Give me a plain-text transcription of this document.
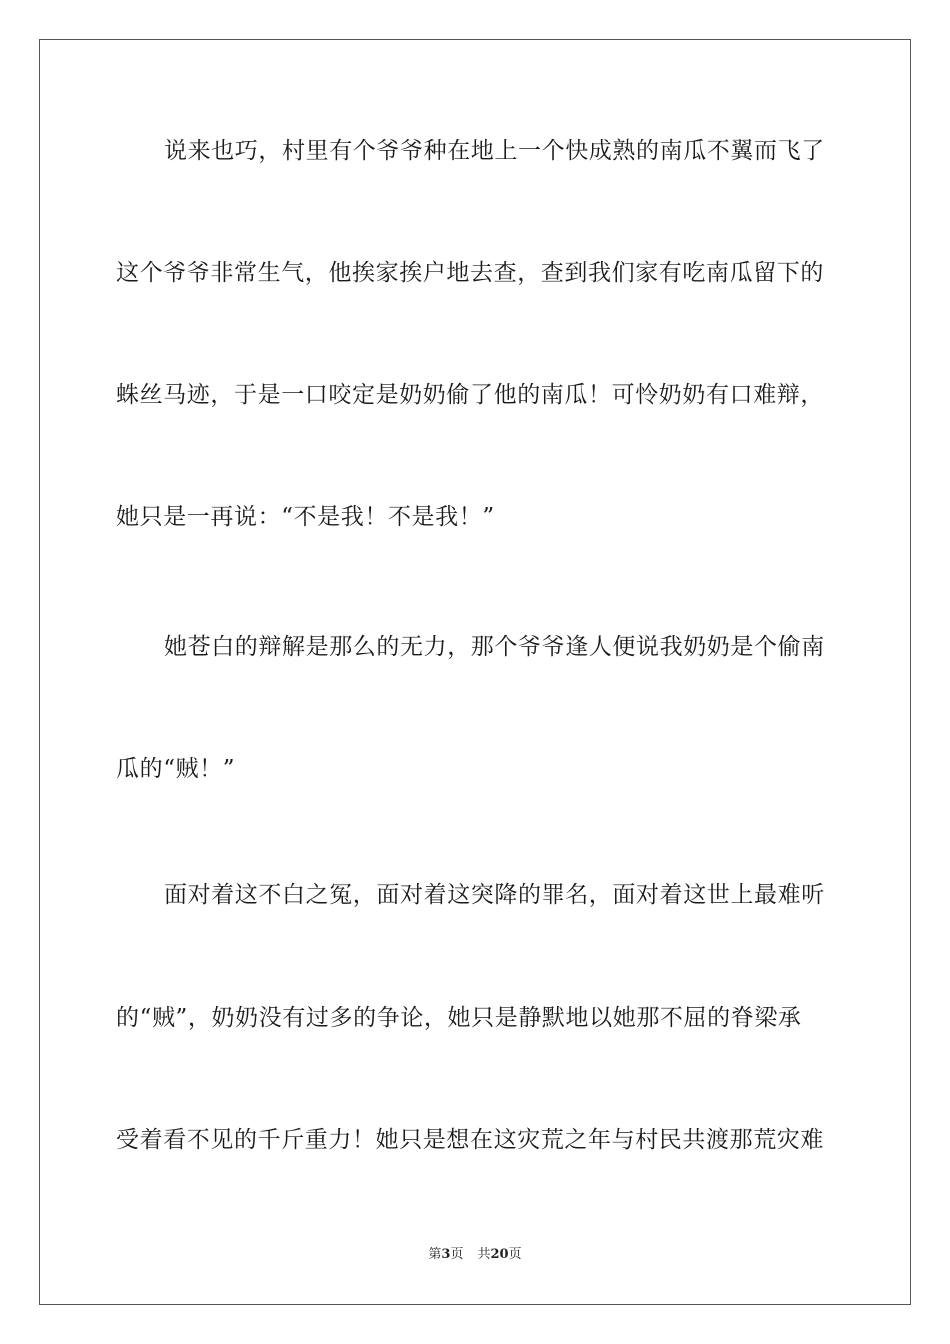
说来也巧，村里有个爷爷种在地上一个快成熟的南瓜不翼而飞了
这个爷爷非常生气，他挨家挨户地去查，查到我们家有吃南瓜留下的
蛛丝马迹，于是一口咬定是奶奶偷了他的南瓜！可怜奶奶有口难辩，
她只是一再说：“不是我！不是我！”
她苍白的辩解是那么的无力，那个爷爷逢人便说我奶奶是个偷南
瓜的“贼！”
面对着这不白之冤，面对着这突降的罪名，面对着这世上最难听
的“贼”，奶奶没有过多的争论，她只是静默地以她那不屈的脊梁承
受着看不见的千斤重力！她只是想在这灾荒之年与村民共渡那荒灾难
第3页 共20页
